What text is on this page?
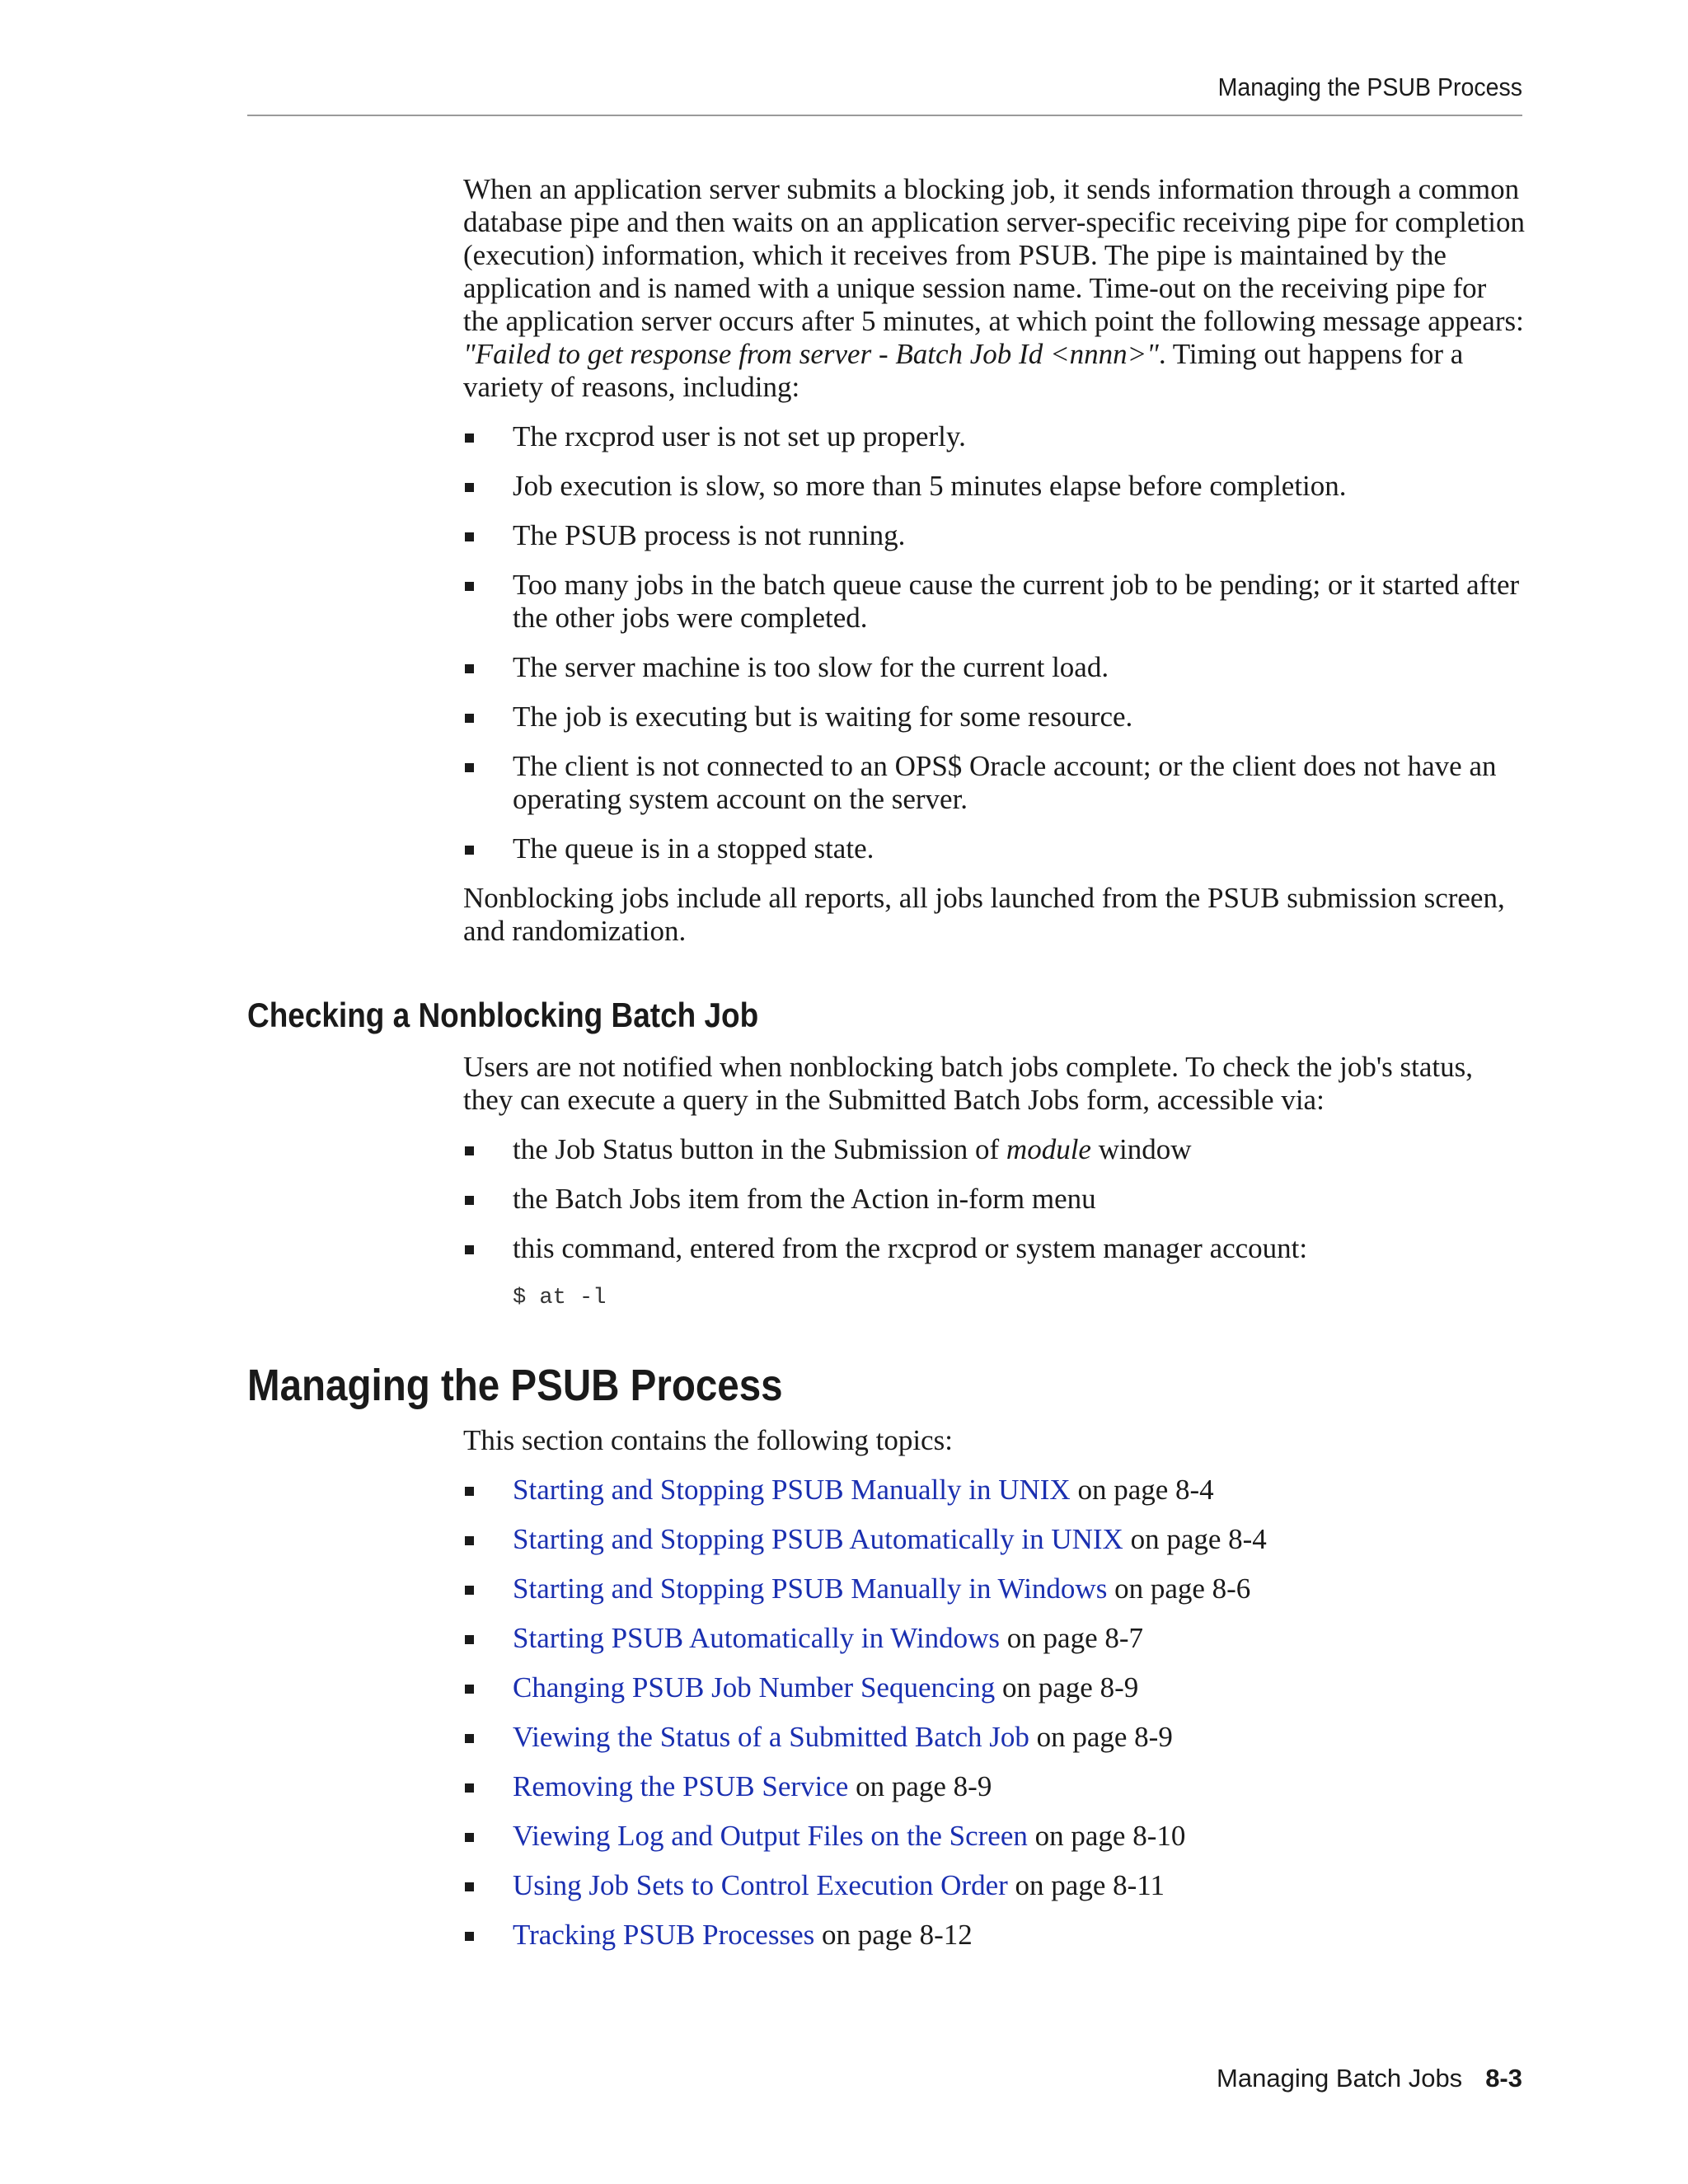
Managing the PSUB Process

When an application server submits a blocking job, it sends information through a common database pipe and then waits on an application server-specific receiving pipe for completion (execution) information, which it receives from PSUB. The pipe is maintained by the application and is named with a unique session name. Time-out on the receiving pipe for the application server occurs after 5 minutes, at which point the following message appears: "Failed to get response from server - Batch Job Id <nnnn>". Timing out happens for a variety of reasons, including:

The rxcprod user is not set up properly.
Job execution is slow, so more than 5 minutes elapse before completion.
The PSUB process is not running.
Too many jobs in the batch queue cause the current job to be pending; or it started after the other jobs were completed.
The server machine is too slow for the current load.
The job is executing but is waiting for some resource.
The client is not connected to an OPS$ Oracle account; or the client does not have an operating system account on the server.
The queue is in a stopped state.

Nonblocking jobs include all reports, all jobs launched from the PSUB submission screen, and randomization.

Checking a Nonblocking Batch Job

Users are not notified when nonblocking batch jobs complete. To check the job's status, they can execute a query in the Submitted Batch Jobs form, accessible via:

the Job Status button in the Submission of module window
the Batch Jobs item from the Action in-form menu
this command, entered from the rxcprod or system manager account:
$ at -l
Managing the PSUB Process

This section contains the following topics:

Starting and Stopping PSUB Manually in UNIX on page 8-4
Starting and Stopping PSUB Automatically in UNIX on page 8-4
Starting and Stopping PSUB Manually in Windows on page 8-6
Starting PSUB Automatically in Windows on page 8-7
Changing PSUB Job Number Sequencing on page 8-9
Viewing the Status of a Submitted Batch Job on page 8-9
Removing the PSUB Service on page 8-9
Viewing Log and Output Files on the Screen on page 8-10
Using Job Sets to Control Execution Order on page 8-11
Tracking PSUB Processes on page 8-12
Managing Batch Jobs 8-3
